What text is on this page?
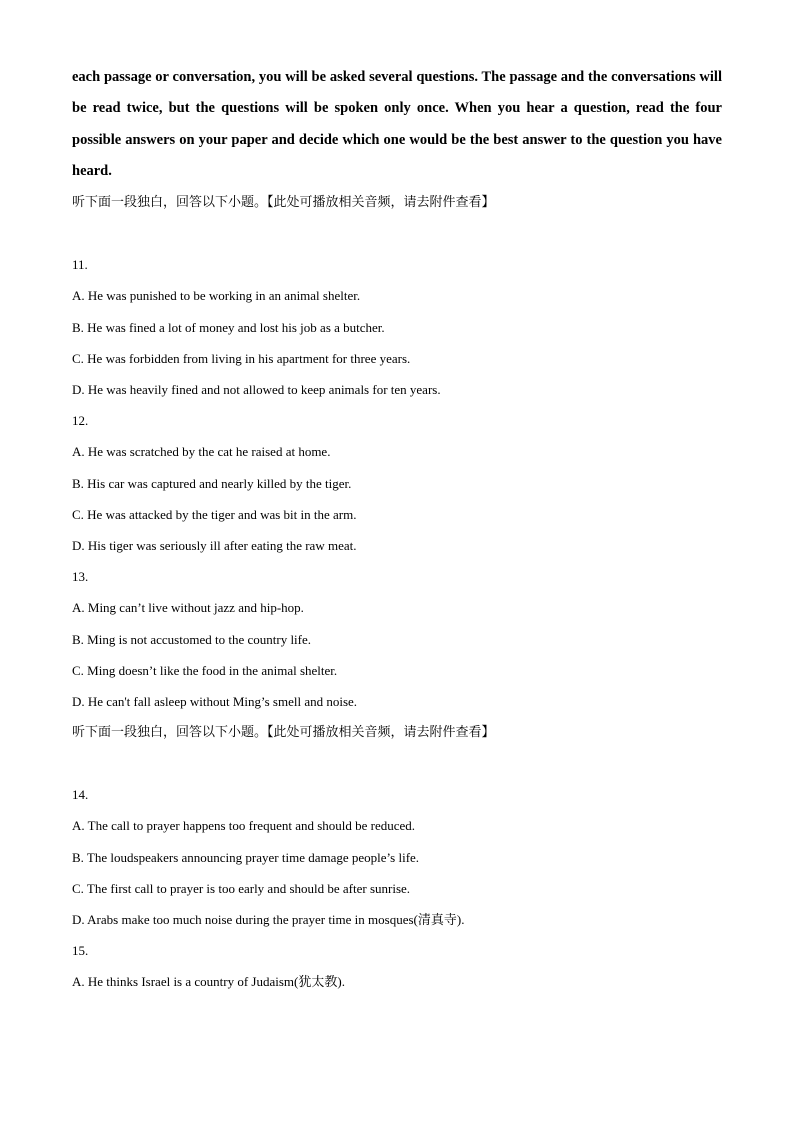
each passage or conversation, you will be asked several questions. The passage and the conversations will be read twice, but the questions will be spoken only once. When you hear a question, read the four possible answers on your paper and decide which one would be the best answer to the question you have heard.

听下面一段独白，回答以下小题。【此处可播放相关音频，请去附件查看】

11.

A. He was punished to be working in an animal shelter.

B. He was fined a lot of money and lost his job as a butcher.

C. He was forbidden from living in his apartment for three years.

D. He was heavily fined and not allowed to keep animals for ten years.

12.

A. He was scratched by the cat he raised at home.

B. His car was captured and nearly killed by the tiger.

C. He was attacked by the tiger and was bit in the arm.

D. His tiger was seriously ill after eating the raw meat.

13.

A. Ming can’t live without jazz and hip-hop.

B. Ming is not accustomed to the country life.

C. Ming doesn’t like the food in the animal shelter.

D. He can't fall asleep without Ming’s smell and noise.

听下面一段独白，回答以下小题。【此处可播放相关音频，请去附件查看】

14.

A. The call to prayer happens too frequent and should be reduced.

B. The loudspeakers announcing prayer time damage people’s life.

C. The first call to prayer is too early and should be after sunrise.

D. Arabs make too much noise during the prayer time in mosques(清真寺).

15.

A. He thinks Israel is a country of Judaism(犹太教).
